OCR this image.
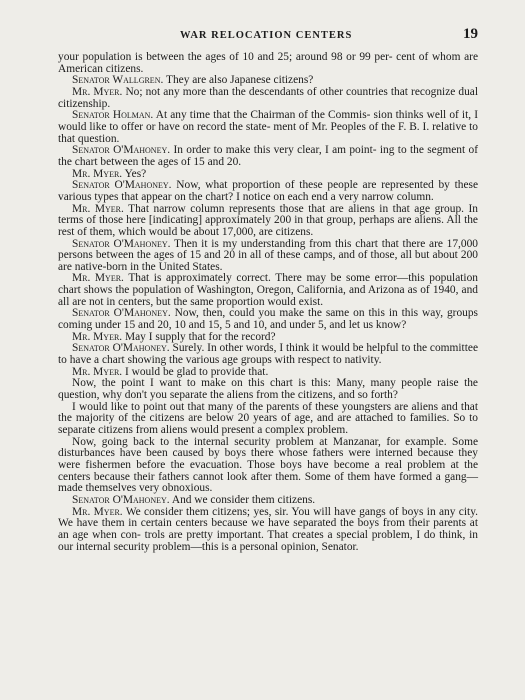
WAR RELOCATION CENTERS	19

your population is between the ages of 10 and 25; around 98 or 99 per- cent of whom are American citizens.

Senator Wallgren. They are also Japanese citizens?

Mr. Myer. No; not any more than the descendants of other countries that recognize dual citizenship.

Senator Holman. At any time that the Chairman of the Commis- sion thinks well of it, I would like to offer or have on record the state- ment of Mr. Peoples of the F. B. I. relative to that question.

Senator O'Mahoney. In order to make this very clear, I am point- ing to the segment of the chart between the ages of 15 and 20.

Mr. Myer. Yes?

Senator O'Mahoney. Now, what proportion of these people are represented by these various types that appear on the chart? I notice on each end a very narrow column.

Mr. Myer. That narrow column represents those that are aliens in that age group. In terms of those here [indicating] approximately 200 in that group, perhaps are aliens. All the rest of them, which would be about 17,000, are citizens.

Senator O'Mahoney. Then it is my understanding from this chart that there are 17,000 persons between the ages of 15 and 20 in all of these camps, and of those, all but about 200 are native-born in the United States.

Mr. Myer. That is approximately correct. There may be some error—this population chart shows the population of Washington, Oregon, California, and Arizona as of 1940, and all are not in centers, but the same proportion would exist.

Senator O'Mahoney. Now, then, could you make the same on this in this way, groups coming under 15 and 20, 10 and 15, 5 and 10, and under 5, and let us know?

Mr. Myer. May I supply that for the record?

Senator O'Mahoney. Surely. In other words, I think it would be helpful to the committee to have a chart showing the various age groups with respect to nativity.

Mr. Myer. I would be glad to provide that.

Now, the point I want to make on this chart is this: Many, many people raise the question, why don't you separate the aliens from the citizens, and so forth?

I would like to point out that many of the parents of these youngsters are aliens and that the majority of the citizens are below 20 years of age, and are attached to families. So to separate citizens from aliens would present a complex problem.

Now, going back to the internal security problem at Manzanar, for example. Some disturbances have been caused by boys there whose fathers were interned because they were fishermen before the evacuation. Those boys have become a real problem at the centers because their fathers cannot look after them. Some of them have formed a gang—made themselves very obnoxious.

Senator O'Mahoney. And we consider them citizens.

Mr. Myer. We consider them citizens; yes, sir. You will have gangs of boys in any city. We have them in certain centers because we have separated the boys from their parents at an age when con- trols are pretty important. That creates a special problem, I do think, in our internal security problem—this is a personal opinion, Senator.
